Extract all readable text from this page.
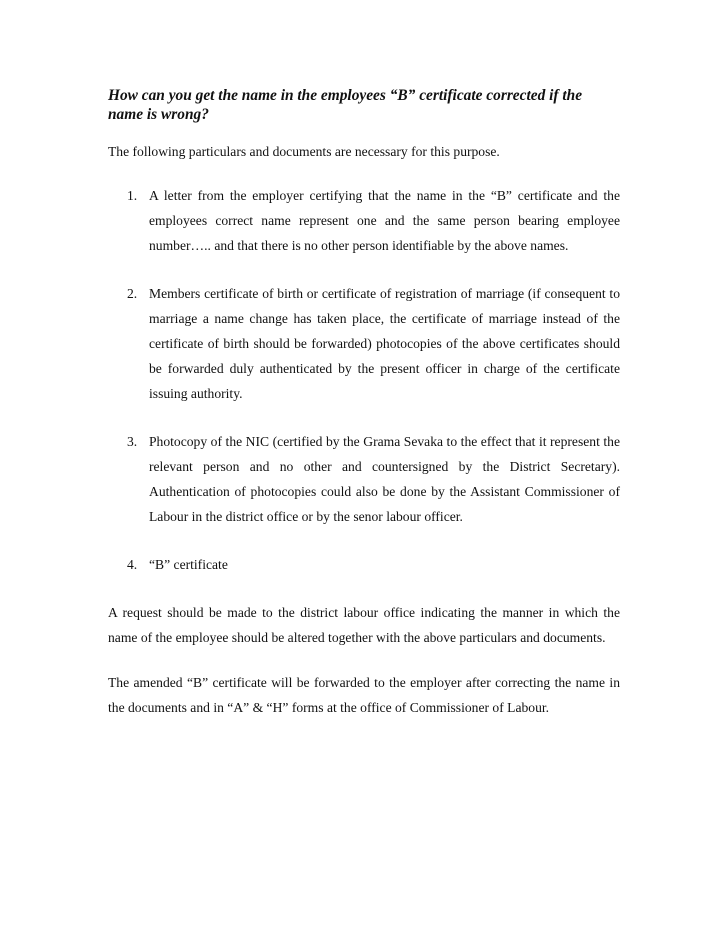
How can you get the name in the employees “B” certificate corrected if the name is wrong?

The following particulars and documents are necessary for this purpose.

1. A letter from the employer certifying that the name in the “B” certificate and the employees correct name represent one and the same person bearing employee number….. and that there is no other person identifiable by the above names.
2. Members certificate of birth or certificate of registration of marriage (if consequent to marriage a name change has taken place, the certificate of marriage instead of the certificate of birth should be forwarded) photocopies of the above certificates should be forwarded duly authenticated by the present officer in charge of the certificate issuing authority.
3. Photocopy of the NIC (certified by the Grama Sevaka to the effect that it represent the relevant person and no other and countersigned by the District Secretary). Authentication of photocopies could also be done by the Assistant Commissioner of Labour in the district office or by the senor labour officer.
4. “B” certificate

A request should be made to the district labour office indicating the manner in which the name of the employee should be altered together with the above particulars and documents.

The amended “B” certificate will be forwarded to the employer after correcting the name in the documents and in “A” & “H” forms at the office of Commissioner of Labour.
